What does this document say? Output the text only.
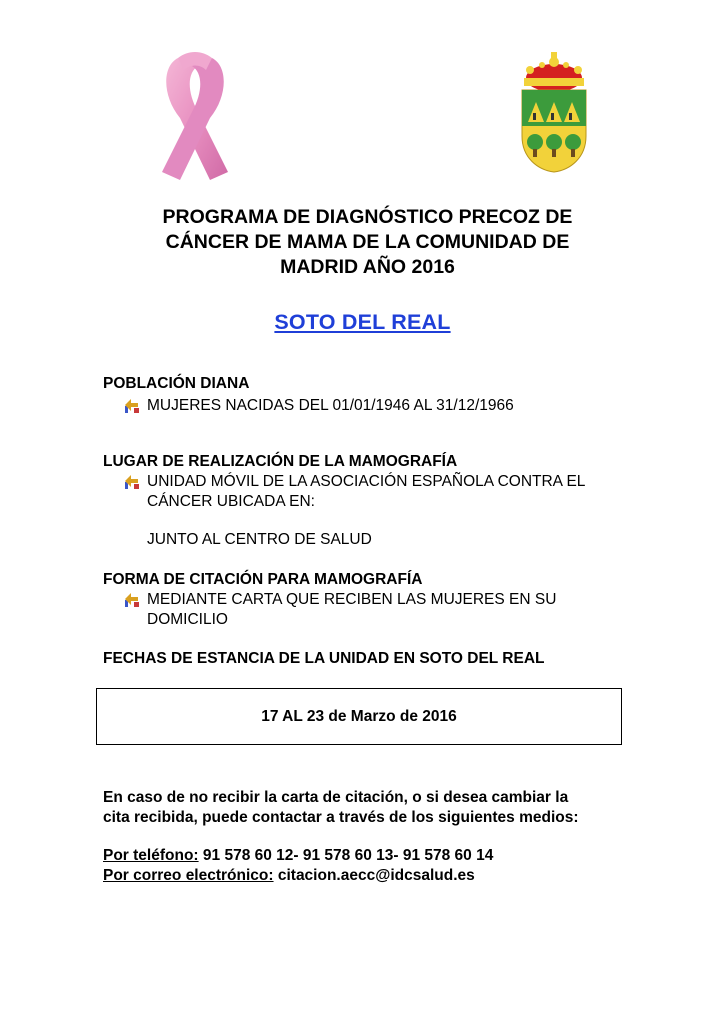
PROGRAMA DE DIAGNÓSTICO PRECOZ DE
CÁNCER DE MAMA DE LA COMUNIDAD DE
MADRID AÑO 2016

SOTO DEL REAL

POBLACIÓN DIANA

MUJERES NACIDAS DEL 01/01/1946 AL 31/12/1966

LUGAR DE REALIZACIÓN DE LA MAMOGRAFÍA

UNIDAD MÓVIL DE LA ASOCIACIÓN ESPAÑOLA CONTRA EL
CÁNCER UBICADA EN:

JUNTO AL CENTRO DE SALUD

FORMA DE CITACIÓN PARA MAMOGRAFÍA

MEDIANTE CARTA QUE RECIBEN LAS MUJERES EN SU
DOMICILIO

FECHAS DE ESTANCIA DE LA UNIDAD EN SOTO DEL REAL

17 AL 23 de Marzo de 2016

En caso de no recibir la carta de citación, o si desea cambiar la
cita recibida, puede contactar a través de los siguientes medios:

Por teléfono: 91 578 60 12- 91 578 60 13- 91 578 60 14
Por correo electrónico: citacion.aecc@idcsalud.es
